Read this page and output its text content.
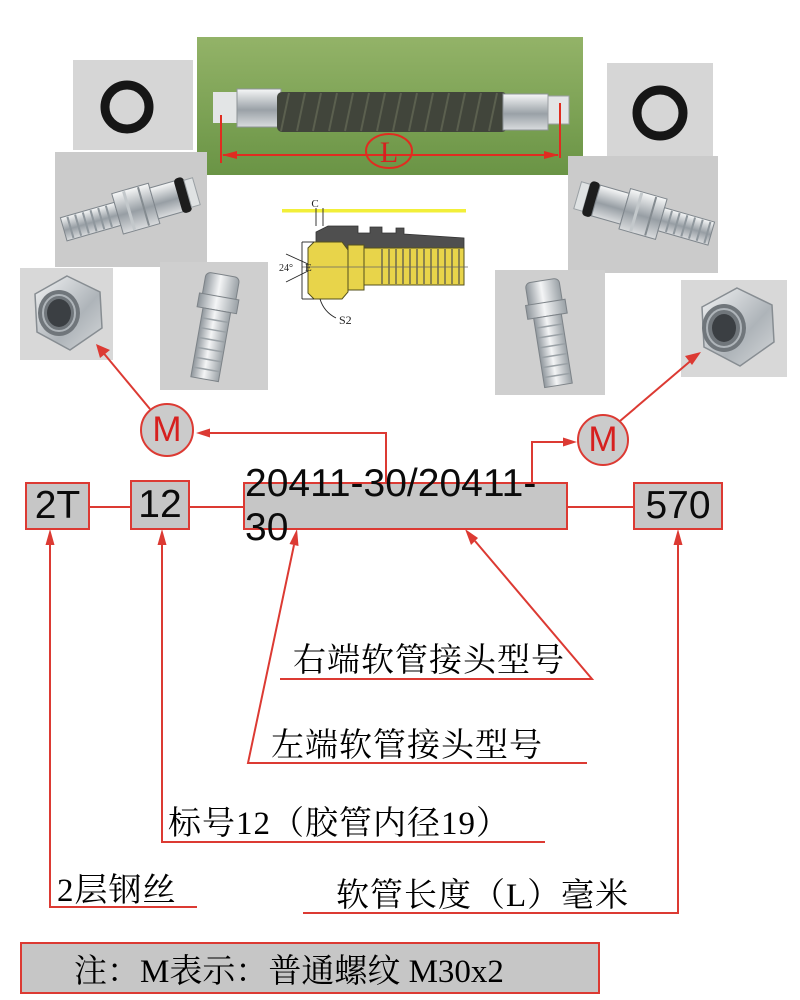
L
C
24° E
S2
M	M
2T 12 20411-30/20411-30
570
右端软管接头型号
左端软管接头型号
标号12（胶管内径19）
2层钢丝	软管长度（L）毫米
注：M表示：普通螺纹 M30x2
